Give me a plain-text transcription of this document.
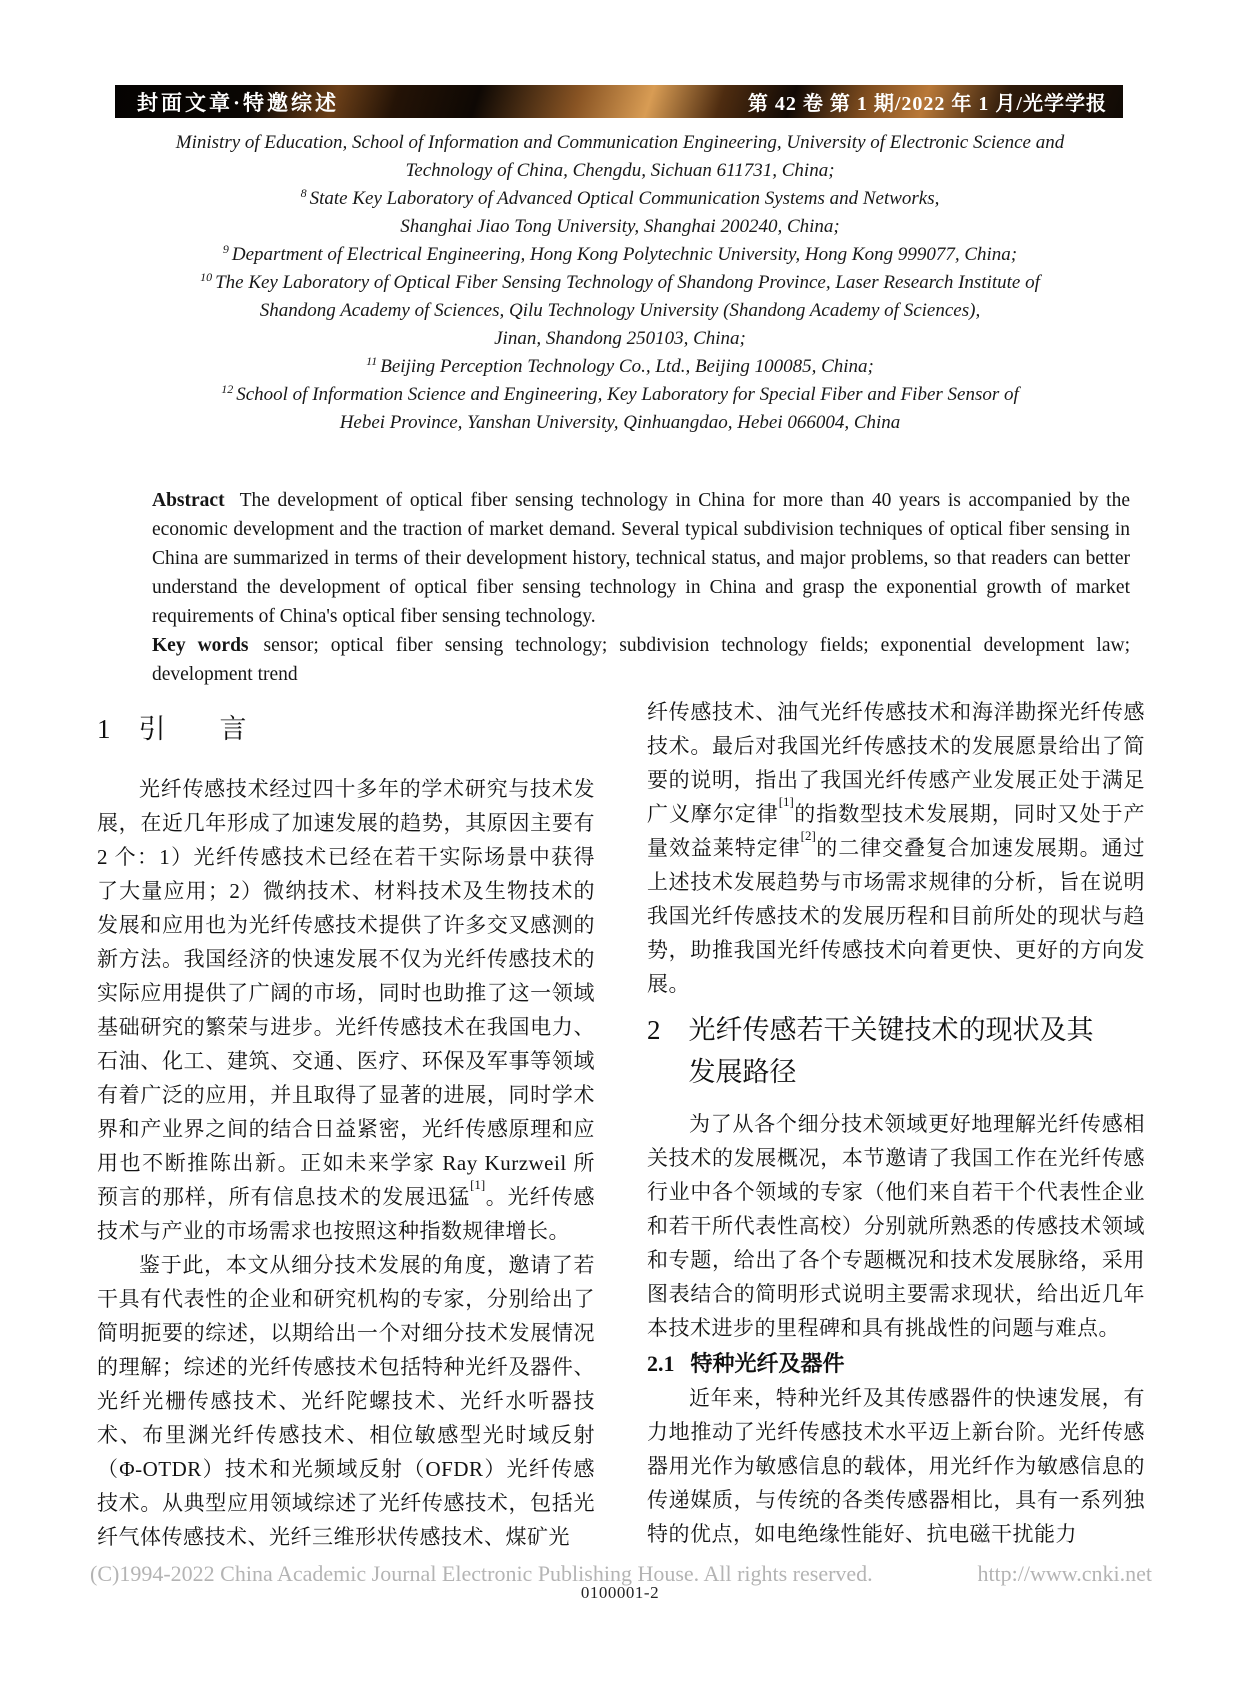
封面文章·特邀综述	第 42 卷 第 1 期/2022 年 1 月/光学学报
Ministry of Education, School of Information and Communication Engineering, University of Electronic Science and
Technology of China, Chengdu, Sichuan 611731, China;
$^8$ State Key Laboratory of Advanced Optical Communication Systems and Networks,
Shanghai Jiao Tong University, Shanghai 200240, China;
$^9$ Department of Electrical Engineering, Hong Kong Polytechnic University, Hong Kong 999077, China;
$^{10}$ The Key Laboratory of Optical Fiber Sensing Technology of Shandong Province, Laser Research Institute of
Shandong Academy of Sciences, Qilu Technology University (Shandong Academy of Sciences),
Jinan, Shandong 250103, China;
$^{11}$ Beijing Perception Technology Co., Ltd., Beijing 100085, China;
$^{12}$ School of Information Science and Engineering, Key Laboratory for Special Fiber and Fiber Sensor of
Hebei Province, Yanshan University, Qinhuangdao, Hebei 066004, China

Abstract The development of optical fiber sensing technology in China for more than 40 years is accompanied by the economic development and the traction of market demand. Several typical subdivision techniques of optical fiber sensing in China are summarized in terms of their development history, technical status, and major problems, so that readers can better understand the development of optical fiber sensing technology in China and grasp the exponential growth of market requirements of China's optical fiber sensing technology.

Key words sensor; optical fiber sensing technology; subdivision technology fields; exponential development law; development trend

1 引　　言

光纤传感技术经过四十多年的学术研究与技术发展，在近几年形成了加速发展的趋势，其原因主要有 2 个：1）光纤传感技术已经在若干实际场景中获得了大量应用；2）微纳技术、材料技术及生物技术的发展和应用也为光纤传感技术提供了许多交叉感测的新方法。我国经济的快速发展不仅为光纤传感技术的实际应用提供了广阔的市场，同时也助推了这一领域基础研究的繁荣与进步。光纤传感技术在我国电力、石油、化工、建筑、交通、医疗、环保及军事等领域有着广泛的应用，并且取得了显著的进展，同时学术界和产业界之间的结合日益紧密，光纤传感原理和应用也不断推陈出新。正如未来学家 Ray Kurzweil 所预言的那样，所有信息技术的发展迅猛[1]。光纤传感技术与产业的市场需求也按照这种指数规律增长。

鉴于此，本文从细分技术发展的角度，邀请了若干具有代表性的企业和研究机构的专家，分别给出了简明扼要的综述，以期给出一个对细分技术发展情况的理解；综述的光纤传感技术包括特种光纤及器件、光纤光栅传感技术、光纤陀螺技术、光纤水听器技术、布里渊光纤传感技术、相位敏感型光时域反射（Φ-OTDR）技术和光频域反射（OFDR）光纤传感技术。从典型应用领域综述了光纤传感技术，包括光纤气体传感技术、光纤三维形状传感技术、煤矿光

纤传感技术、油气光纤传感技术和海洋勘探光纤传感技术。最后对我国光纤传感技术的发展愿景给出了简要的说明，指出了我国光纤传感产业发展正处于满足广义摩尔定律[1]的指数型技术发展期，同时又处于产量效益莱特定律[2]的二律交叠复合加速发展期。通过上述技术发展趋势与市场需求规律的分析，旨在说明我国光纤传感技术的发展历程和目前所处的现状与趋势，助推我国光纤传感技术向着更快、更好的方向发展。

2 光纤传感若干关键技术的现状及其
发展路径

为了从各个细分技术领域更好地理解光纤传感相关技术的发展概况，本节邀请了我国工作在光纤传感行业中各个领域的专家（他们来自若干个代表性企业和若干所代表性高校）分别就所熟悉的传感技术领域和专题，给出了各个专题概况和技术发展脉络，采用图表结合的简明形式说明主要需求现状，给出近几年本技术进步的里程碑和具有挑战性的问题与难点。

2.1 特种光纤及器件

近年来，特种光纤及其传感器件的快速发展，有力地推动了光纤传感技术水平迈上新台阶。光纤传感器用光作为敏感信息的载体，用光纤作为敏感信息的传递媒质，与传统的各类传感器相比，具有一系列独特的优点，如电绝缘性能好、抗电磁干扰能力

(C)1994-2022 China Academic Journal Electronic Publishing House. All rights reserved.	http://www.cnki.net
0100001-2
